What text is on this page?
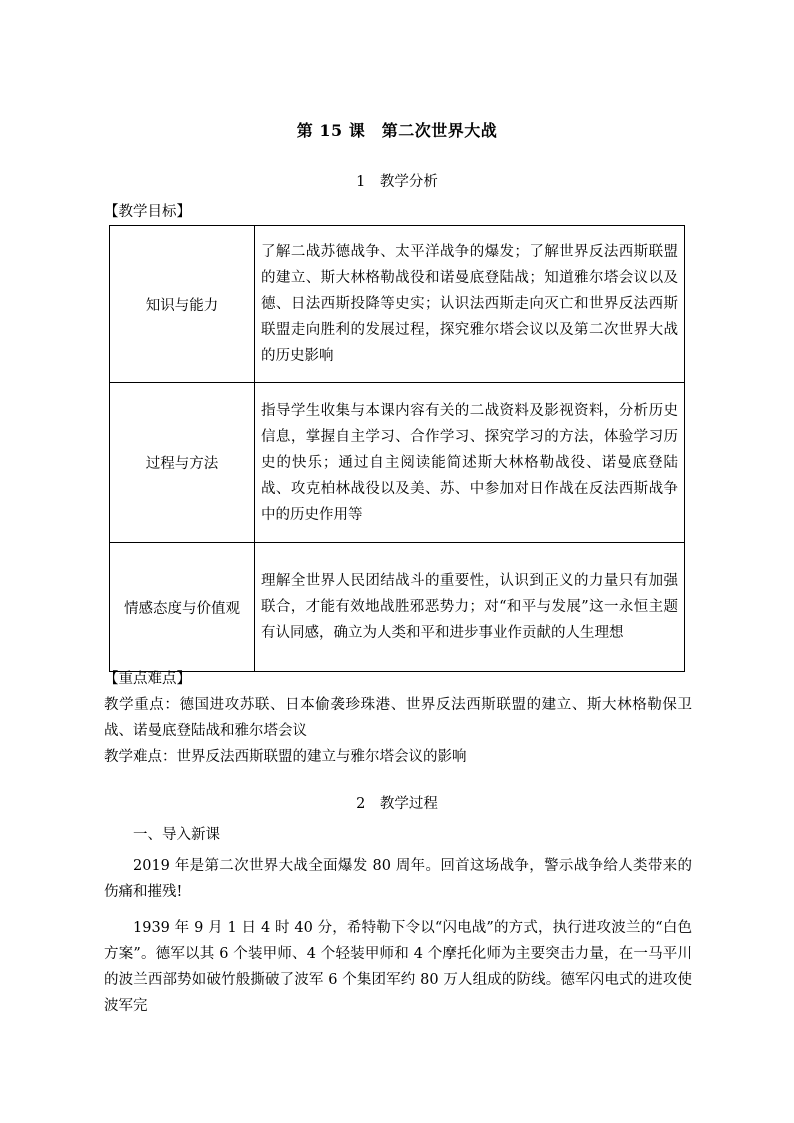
第 15 课　第二次世界大战
1　教学分析
【教学目标】
知识与能力	了解二战苏德战争、太平洋战争的爆发；了解世界反法西斯联盟的建立、斯大林格勒战役和诺曼底登陆战；知道雅尔塔会议以及德、日法西斯投降等史实；认识法西斯走向灭亡和世界反法西斯联盟走向胜利的发展过程，探究雅尔塔会议以及第二次世界大战的历史影响
过程与方法	指导学生收集与本课内容有关的二战资料及影视资料，分析历史信息，掌握自主学习、合作学习、探究学习的方法，体验学习历史的快乐；通过自主阅读能简述斯大林格勒战役、诺曼底登陆战、攻克柏林战役以及美、苏、中参加对日作战在反法西斯战争中的历史作用等
情感态度与价值观	理解全世界人民团结战斗的重要性，认识到正义的力量只有加强联合，才能有效地战胜邪恶势力；对“和平与发展”这一永恒主题有认同感，确立为人类和平和进步事业作贡献的人生理想
【重点难点】
教学重点：德国进攻苏联、日本偷袭珍珠港、世界反法西斯联盟的建立、斯大林格勒保卫战、诺曼底登陆战和雅尔塔会议
教学难点：世界反法西斯联盟的建立与雅尔塔会议的影响
2　教学过程
一、导入新课
2019 年是第二次世界大战全面爆发 80 周年。回首这场战争，警示战争给人类带来的伤痛和摧残!
1939 年 9 月 1 日 4 时 40 分，希特勒下令以“闪电战”的方式，执行进攻波兰的“白色方案”。德军以其 6 个装甲师、4 个轻装甲师和 4 个摩托化师为主要突击力量，在一马平川的波兰西部势如破竹般撕破了波军 6 个集团军约 80 万人组成的防线。德军闪电式的进攻使波军完
